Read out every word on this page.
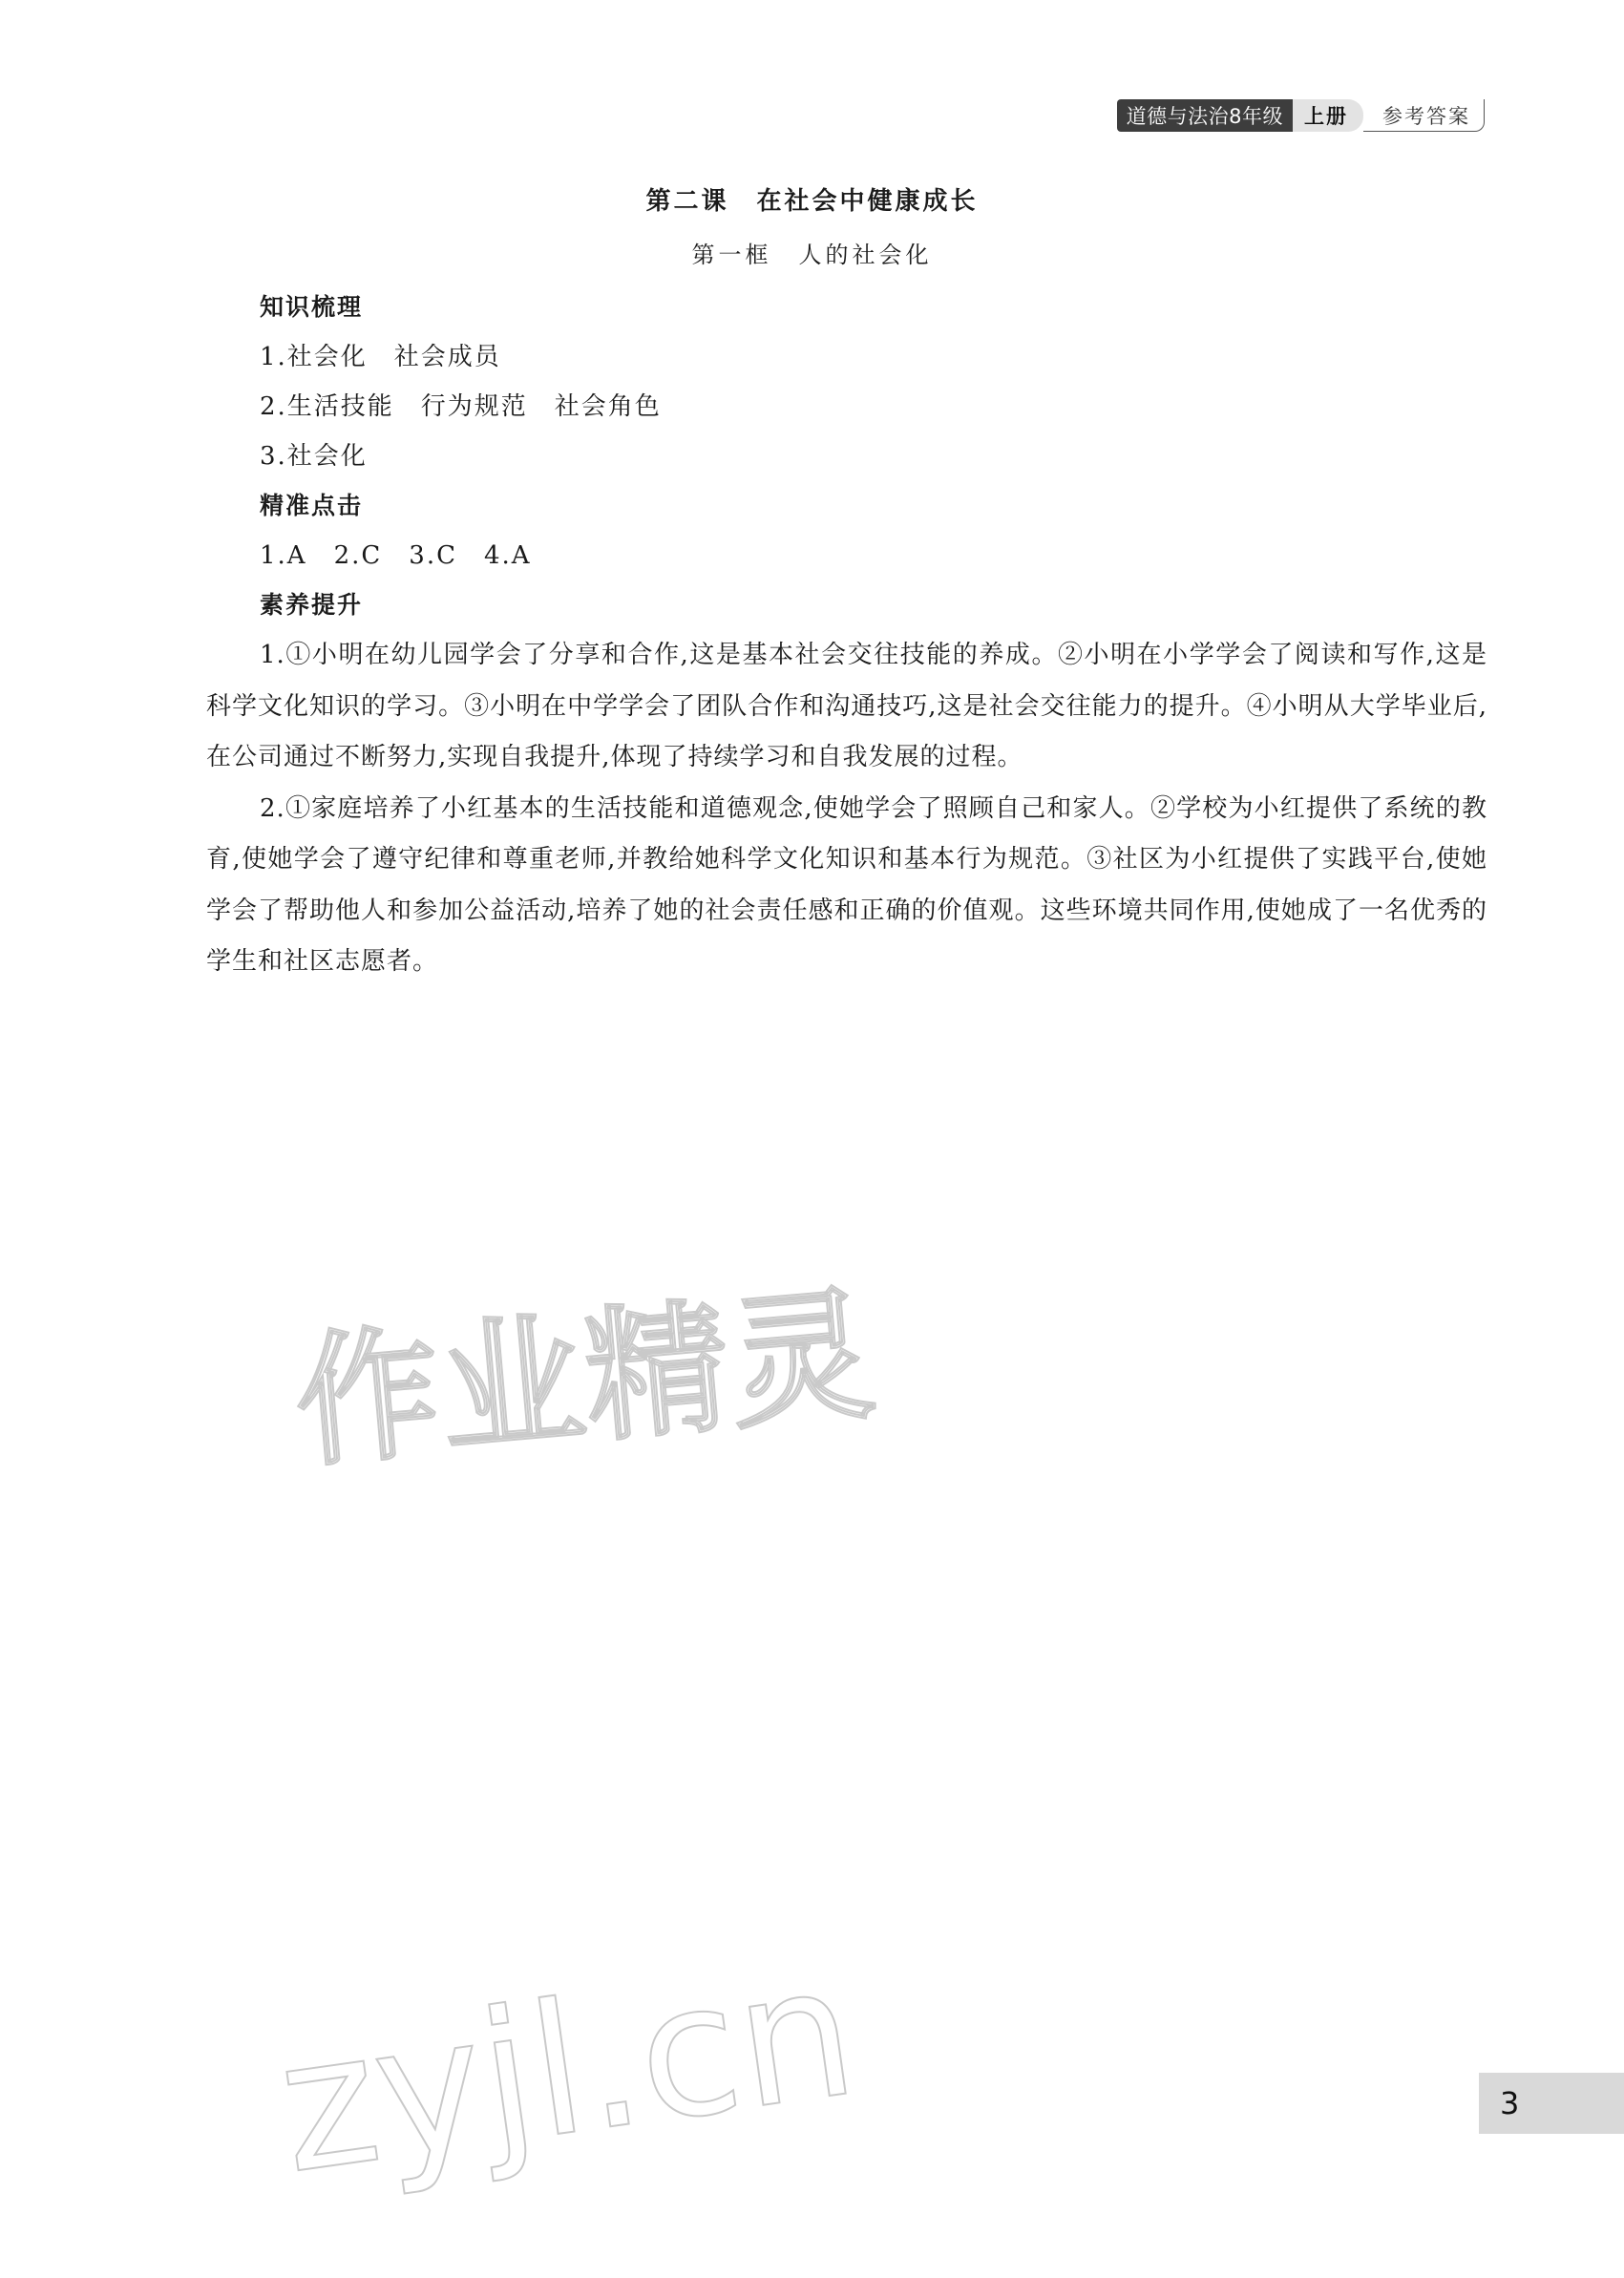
道德与法治8年级	上册	参考答案
第二课　在社会中健康成长
第一框　人的社会化
知识梳理
1.社会化　社会成员
2.生活技能　行为规范　社会角色
3.社会化
精准点击
1.A　2.C　3.C　4.A
素养提升

1.①小明在幼儿园学会了分享和合作,这是基本社会交往技能的养成。②小明在小学学会了阅读和写作,这是科学文化知识的学习。③小明在中学学会了团队合作和沟通技巧,这是社会交往能力的提升。④小明从大学毕业后,在公司通过不断努力,实现自我提升,体现了持续学习和自我发展的过程。

2.①家庭培养了小红基本的生活技能和道德观念,使她学会了照顾自己和家人。②学校为小红提供了系统的教育,使她学会了遵守纪律和尊重老师,并教给她科学文化知识和基本行为规范。③社区为小红提供了实践平台,使她学会了帮助他人和参加公益活动,培养了她的社会责任感和正确的价值观。这些环境共同作用,使她成了一名优秀的学生和社区志愿者。

作业精灵
zyjl.cn	3
